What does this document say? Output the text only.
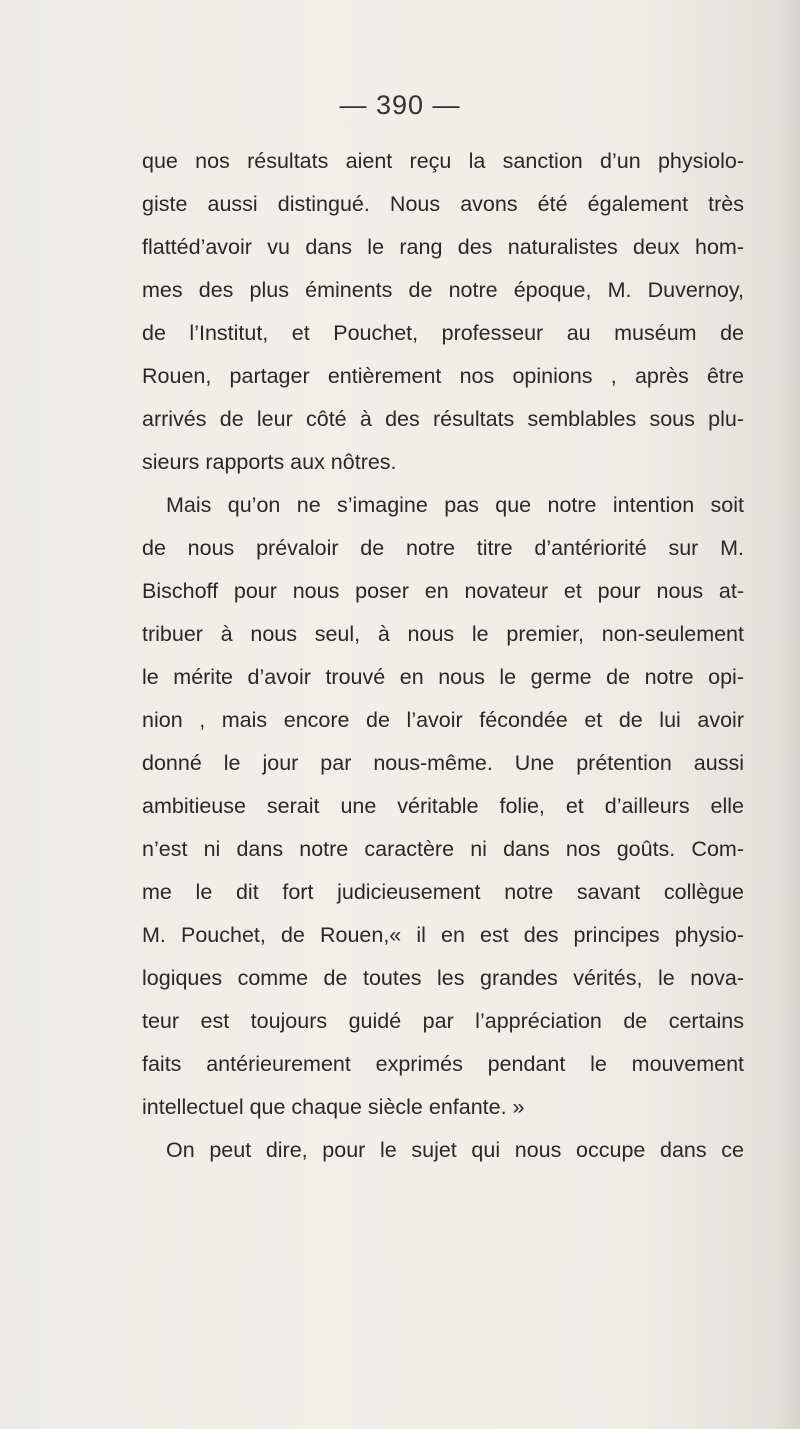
— 390 —
que nos résultats aient reçu la sanction d’un physiolo-
giste aussi distingué. Nous avons été également très
flattéd’avoir vu dans le rang des naturalistes deux hom-
mes des plus éminents de notre époque, M. Duvernoy,
de l’Institut, et Pouchet, professeur au muséum de
Rouen, partager entièrement nos opinions , après être
arrivés de leur côté à des résultats semblables sous plu-
sieurs rapports aux nôtres.
Mais qu’on ne s’imagine pas que notre intention soit
de nous prévaloir de notre titre d’antériorité sur M.
Bischoff pour nous poser en novateur et pour nous at-
tribuer à nous seul, à nous le premier, non-seulement
le mérite d’avoir trouvé en nous le germe de notre opi-
nion , mais encore de l’avoir fécondée et de lui avoir
donné le jour par nous-même. Une prétention aussi
ambitieuse serait une véritable folie, et d’ailleurs elle
n’est ni dans notre caractère ni dans nos goûts. Com-
me le dit fort judicieusement notre savant collègue
M. Pouchet, de Rouen,« il en est des principes physio-
logiques comme de toutes les grandes vérités, le nova-
teur est toujours guidé par l’appréciation de certains
faits antérieurement exprimés pendant le mouvement
intellectuel que chaque siècle enfante. »
On peut dire, pour le sujet qui nous occupe dans ce
